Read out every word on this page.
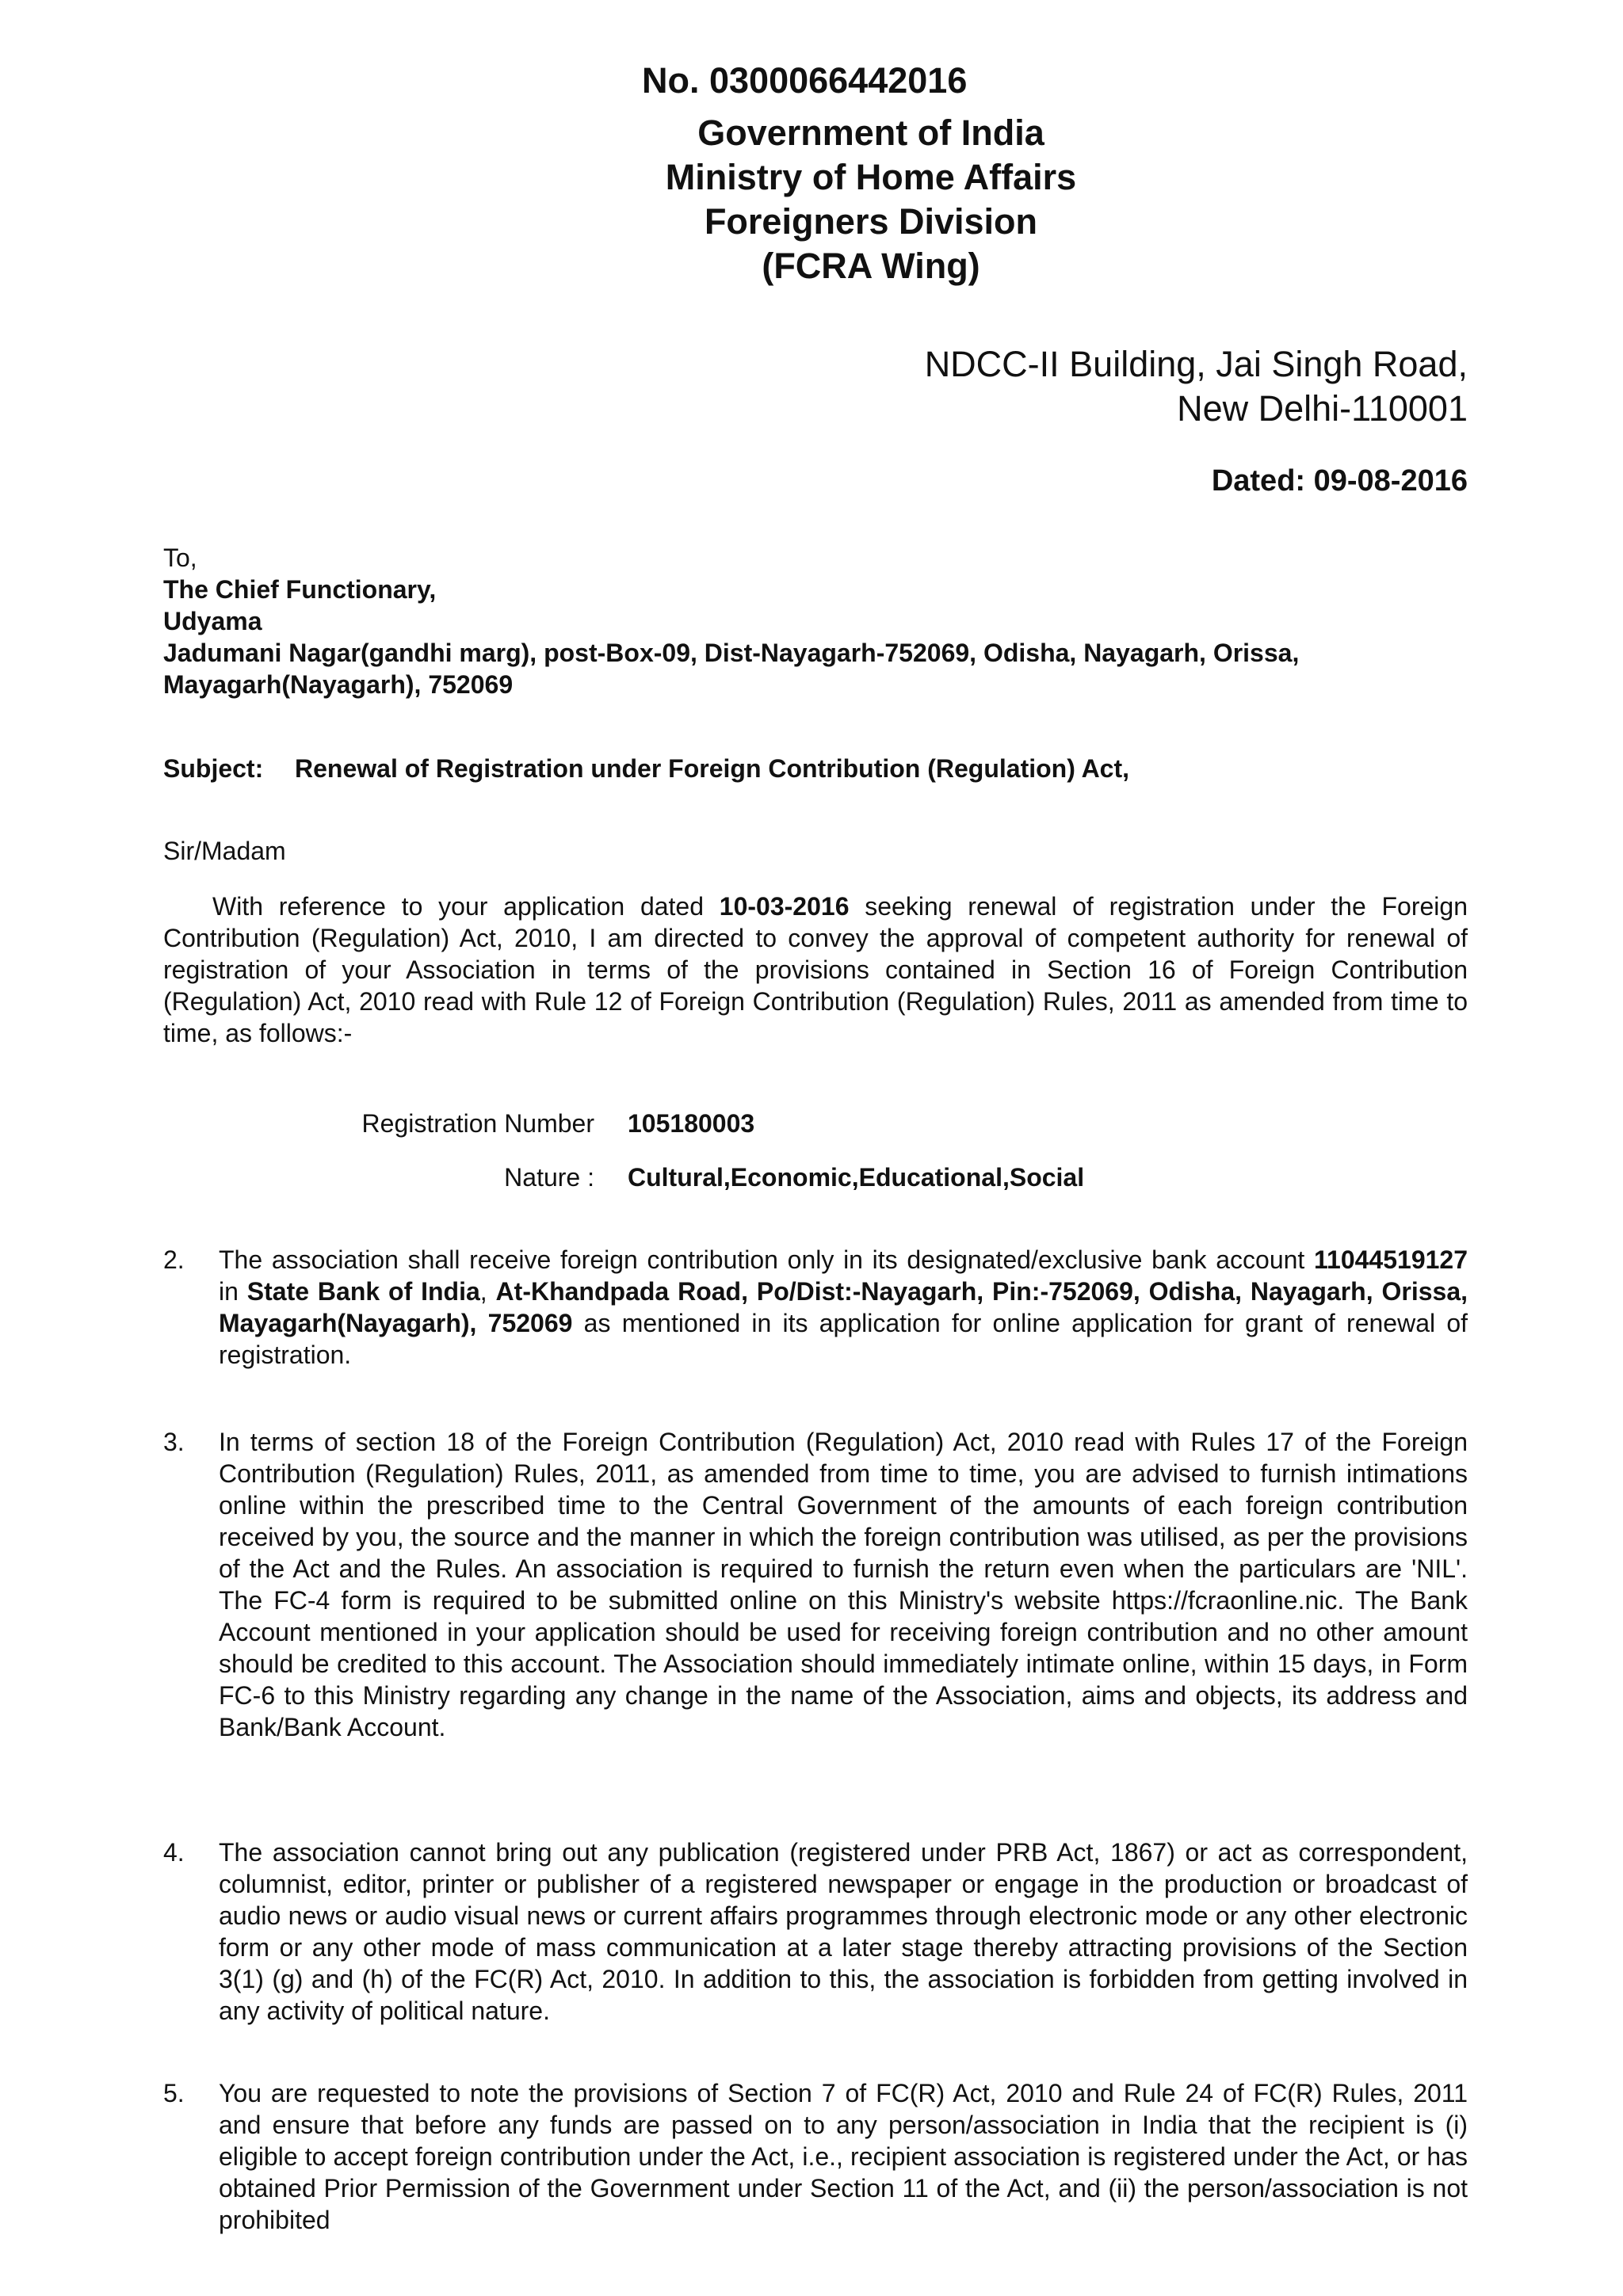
No. 0300066442016
Government of India
Ministry of Home Affairs
Foreigners Division
(FCRA Wing)
NDCC-II Building, Jai Singh Road,
New Delhi-110001
Dated: 09-08-2016
To,
The Chief Functionary,
Udyama
Jadumani Nagar(gandhi marg), post-Box-09, Dist-Nayagarh-752069, Odisha, Nayagarh, Orissa,
Mayagarh(Nayagarh), 752069
Subject: Renewal of Registration under Foreign Contribution (Regulation) Act,
Sir/Madam
With reference to your application dated 10-03-2016 seeking renewal of registration under the Foreign Contribution (Regulation) Act, 2010, I am directed to convey the approval of competent authority for renewal of registration of your Association in terms of the provisions contained in Section 16 of Foreign Contribution (Regulation) Act, 2010 read with Rule 12 of Foreign Contribution (Regulation) Rules, 2011 as amended from time to time, as follows:-
Registration Number 105180003
Nature : Cultural,Economic,Educational,Social
2. The association shall receive foreign contribution only in its designated/exclusive bank account 11044519127 in State Bank of India, At-Khandpada Road, Po/Dist:-Nayagarh, Pin:-752069, Odisha, Nayagarh, Orissa, Mayagarh(Nayagarh), 752069 as mentioned in its application for online application for grant of renewal of registration.
3. In terms of section 18 of the Foreign Contribution (Regulation) Act, 2010 read with Rules 17 of the Foreign Contribution (Regulation) Rules, 2011, as amended from time to time, you are advised to furnish intimations online within the prescribed time to the Central Government of the amounts of each foreign contribution received by you, the source and the manner in which the foreign contribution was utilised, as per the provisions of the Act and the Rules. An association is required to furnish the return even when the particulars are 'NIL'. The FC-4 form is required to be submitted online on this Ministry's website https://fcraonline.nic. The Bank Account mentioned in your application should be used for receiving foreign contribution and no other amount should be credited to this account. The Association should immediately intimate online, within 15 days, in Form FC-6 to this Ministry regarding any change in the name of the Association, aims and objects, its address and Bank/Bank Account.
4. The association cannot bring out any publication (registered under PRB Act, 1867) or act as correspondent, columnist, editor, printer or publisher of a registered newspaper or engage in the production or broadcast of audio news or audio visual news or current affairs programmes through electronic mode or any other electronic form or any other mode of mass communication at a later stage thereby attracting provisions of the Section 3(1) (g) and (h) of the FC(R) Act, 2010. In addition to this, the association is forbidden from getting involved in any activity of political nature.
5. You are requested to note the provisions of Section 7 of FC(R) Act, 2010 and Rule 24 of FC(R) Rules, 2011 and ensure that before any funds are passed on to any person/association in India that the recipient is (i) eligible to accept foreign contribution under the Act, i.e., recipient association is registered under the Act, or has obtained Prior Permission of the Government under Section 11 of the Act, and (ii) the person/association is not prohibited
